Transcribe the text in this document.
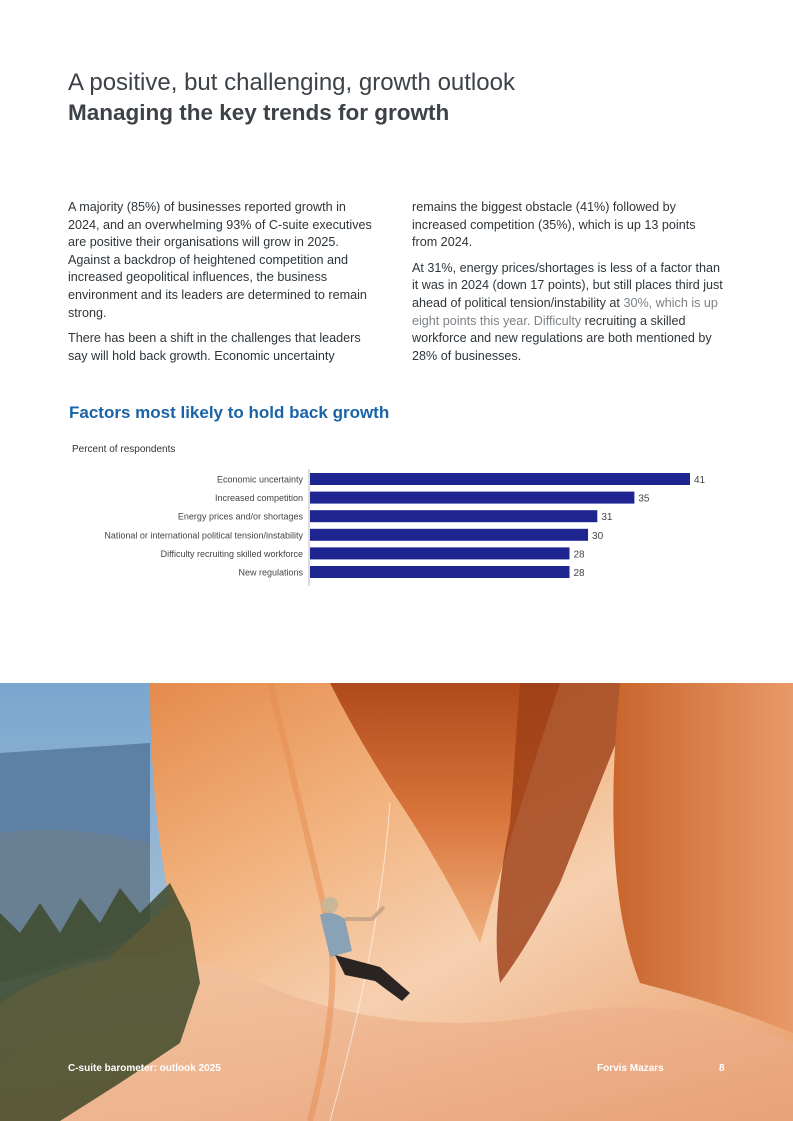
A positive, but challenging, growth outlook
Managing the key trends for growth

A majority (85%) of businesses reported growth in 2024, and an overwhelming 93% of C-suite executives are positive their organisations will grow in 2025. Against a backdrop of heightened competition and increased geopolitical influences, the business environment and its leaders are determined to remain strong.

There has been a shift in the challenges that leaders say will hold back growth. Economic uncertainty

remains the biggest obstacle (41%) followed by increased competition (35%), which is up 13 points from 2024.

At 31%, energy prices/shortages is less of a factor than it was in 2024 (down 17 points), but still places third just ahead of political tension/instability at 30%, which is up eight points this year. Difficulty recruiting a skilled workforce and new regulations are both mentioned by 28% of businesses.

Factors most likely to hold back growth
Percent of respondents
Economic uncertainty	41
Increased competition	35
Energy prices and/or shortages	31
National or international political tension/instability	30
Difficulty recruiting skilled workforce	28
New regulations	28
C-suite barometer: outlook 2025	Forvis Mazars	8
